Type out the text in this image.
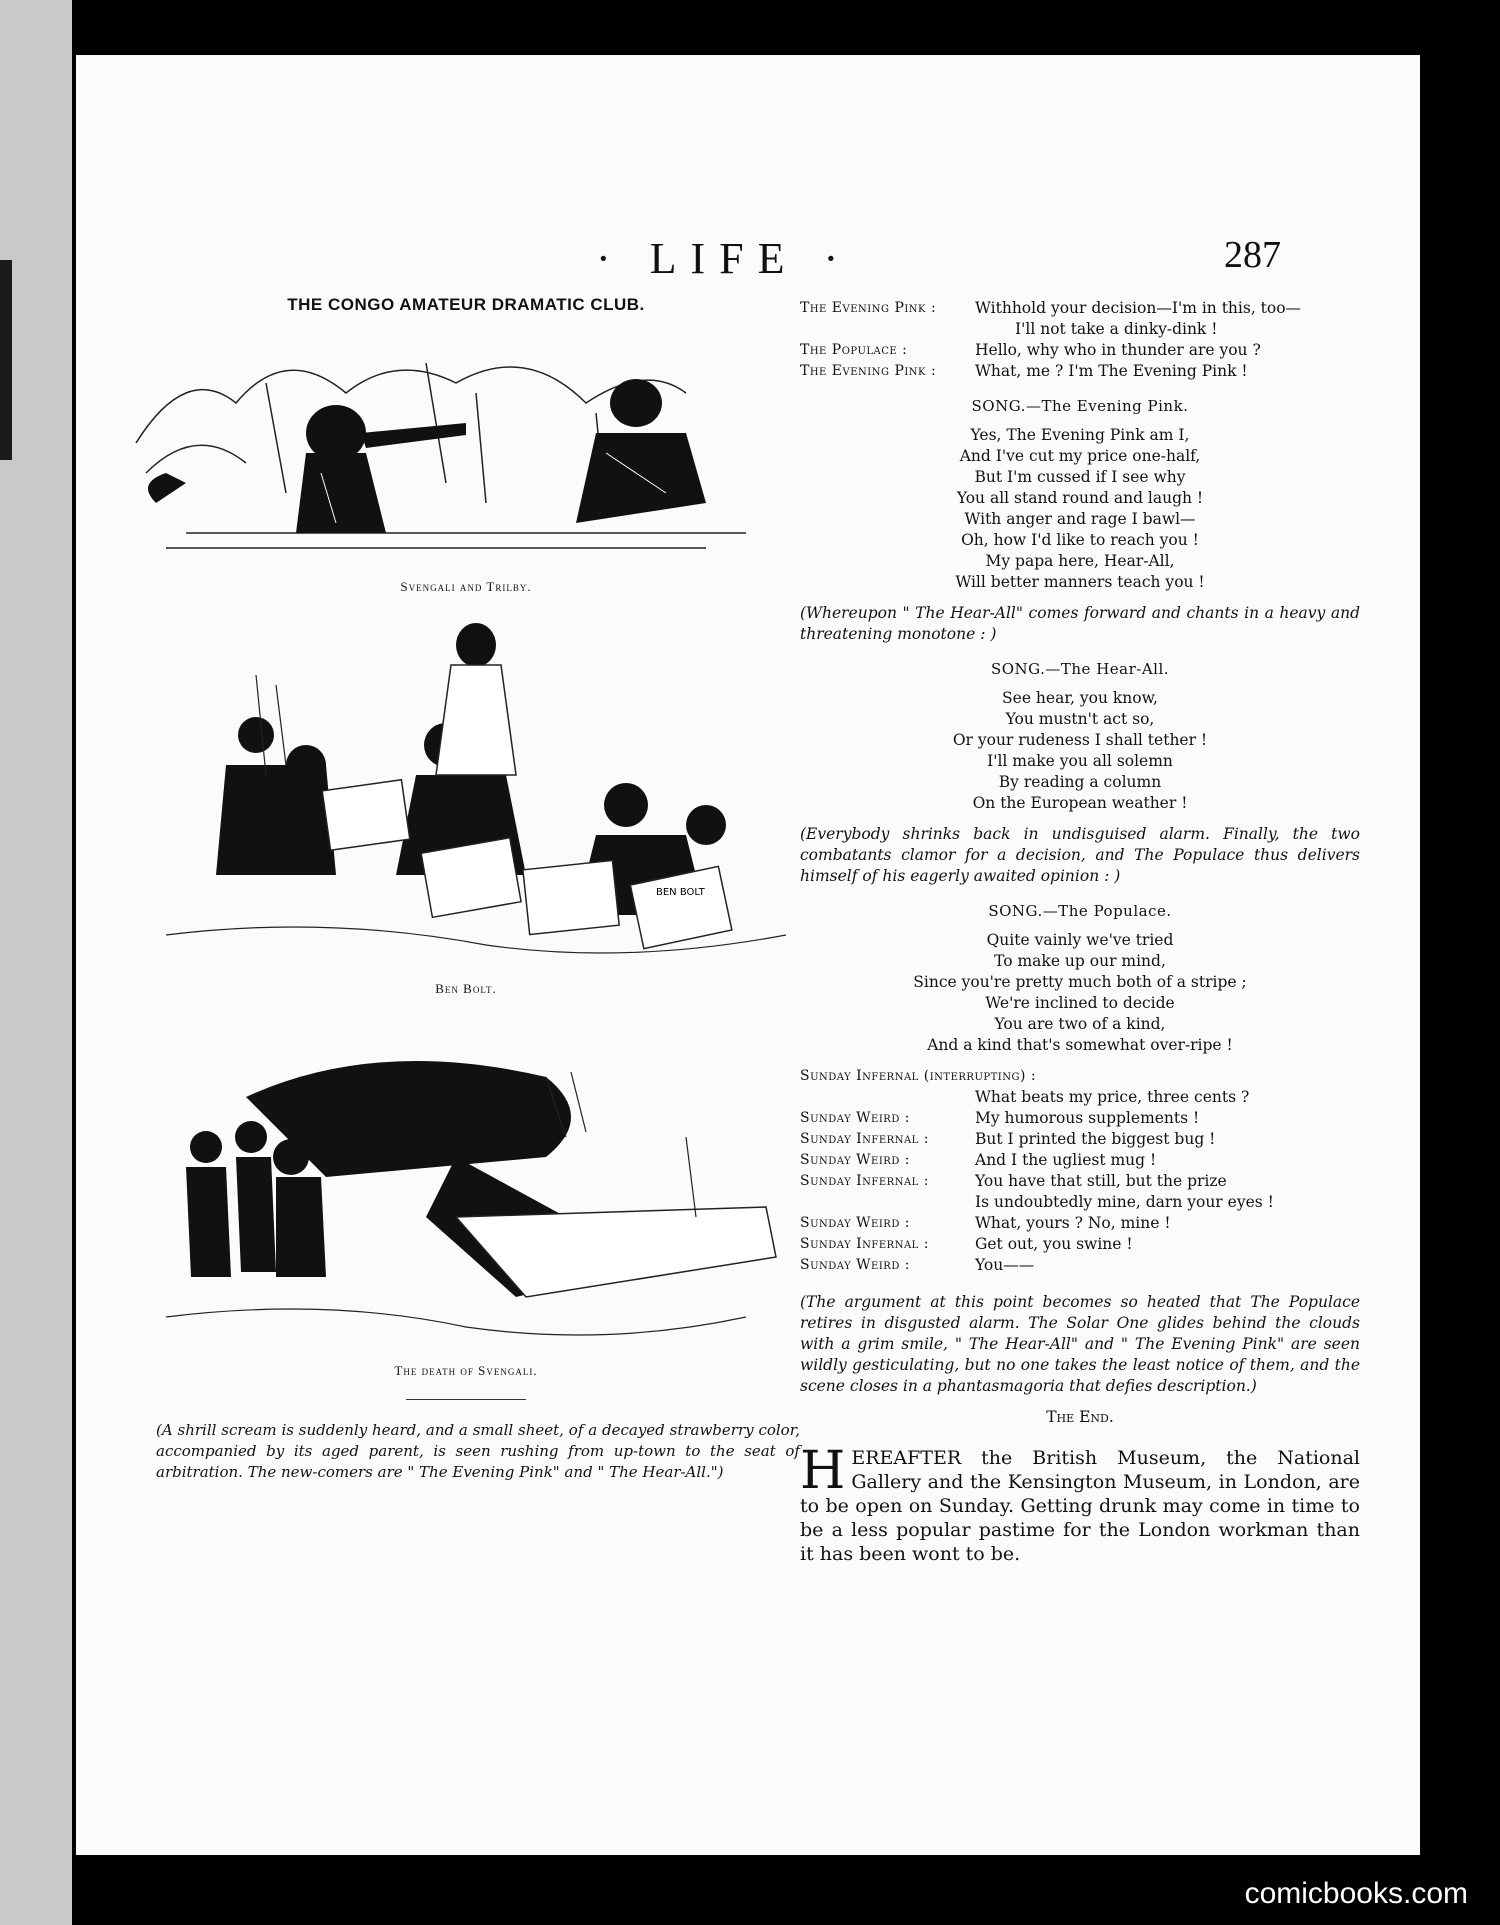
· LIFE ·	287
THE CONGO AMATEUR DRAMATIC CLUB.
Svengali and Trilby.
BEN BOLT
Ben Bolt.
The death of Svengali.
(A shrill scream is suddenly heard, and a small sheet, of a decayed strawberry color, accompanied by its aged parent, is seen rushing from up-town to the seat of arbitration. The new-comers are " The Evening Pink" and " The Hear-All.")
The Evening Pink :	Withhold your decision—I'm in this, too—
I'll not take a dinky-dink !
The Populace :	Hello, why who in thunder are you ?
The Evening Pink :	What, me ? I'm The Evening Pink !
SONG.—The Evening Pink.
Yes, The Evening Pink am I,
And I've cut my price one-half,
But I'm cussed if I see why
You all stand round and laugh !
With anger and rage I bawl—
Oh, how I'd like to reach you !
My papa here, Hear-All,
Will better manners teach you !
(Whereupon " The Hear-All" comes forward and chants in a heavy and threatening monotone : )
SONG.—The Hear-All.
See hear, you know,
You mustn't act so,
Or your rudeness I shall tether !
I'll make you all solemn
By reading a column
On the European weather !
(Everybody shrinks back in undisguised alarm. Finally, the two combatants clamor for a decision, and The Populace thus delivers himself of his eagerly awaited opinion : )
SONG.—The Populace.
Quite vainly we've tried
To make up our mind,
Since you're pretty much both of a stripe ;
We're inclined to decide
You are two of a kind,
And a kind that's somewhat over-ripe !
Sunday Infernal (interrupting) :
What beats my price, three cents ?
Sunday Weird :	My humorous supplements !
Sunday Infernal :	But I printed the biggest bug !
Sunday Weird :	And I the ugliest mug !
Sunday Infernal :	You have that still, but the prize
Is undoubtedly mine, darn your eyes !
Sunday Weird :	What, yours ? No, mine !
Sunday Infernal :	Get out, you swine !
Sunday Weird :	You——
(The argument at this point becomes so heated that The Populace retires in disgusted alarm. The Solar One glides behind the clouds with a grim smile, " The Hear-All" and " The Evening Pink" are seen wildly gesticulating, but no one takes the least notice of them, and the scene closes in a phantasmagoria that defies description.)
The End.
HEREAFTER the British Museum, the National Gallery and the Kensington Museum, in London, are to be open on Sunday. Getting drunk may come in time to be a less popular pastime for the London workman than it has been wont to be.
comicbooks.com
